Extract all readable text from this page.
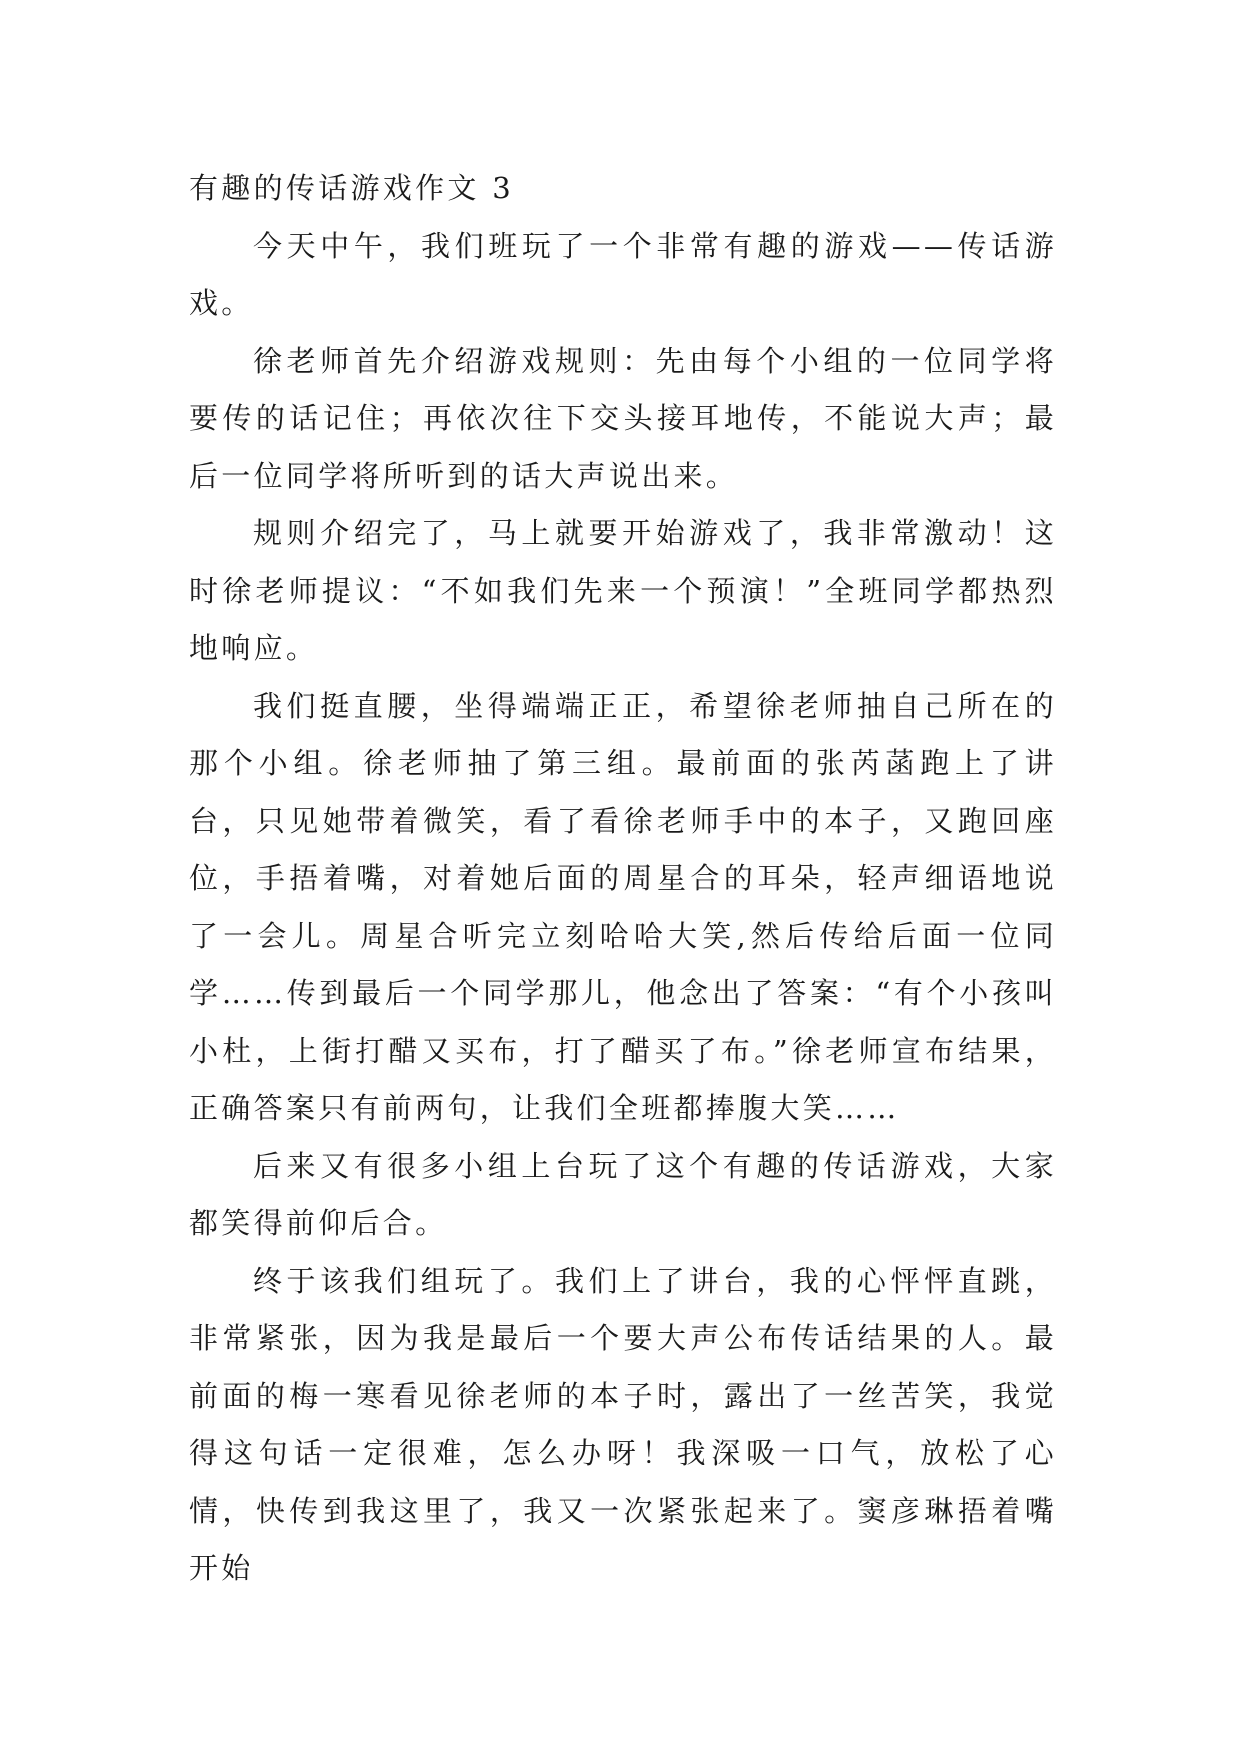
有趣的传话游戏作文 3

今天中午，我们班玩了一个非常有趣的游戏——传话游戏。

徐老师首先介绍游戏规则：先由每个小组的一位同学将要传的话记住；再依次往下交头接耳地传，不能说大声；最后一位同学将所听到的话大声说出来。

规则介绍完了，马上就要开始游戏了，我非常激动！这时徐老师提议：“不如我们先来一个预演！”全班同学都热烈地响应。

我们挺直腰，坐得端端正正，希望徐老师抽自己所在的那个小组。徐老师抽了第三组。最前面的张芮菡跑上了讲台，只见她带着微笑，看了看徐老师手中的本子，又跑回座位，手捂着嘴，对着她后面的周星合的耳朵，轻声细语地说了一会儿。周星合听完立刻哈哈大笑,然后传给后面一位同学……传到最后一个同学那儿，他念出了答案：“有个小孩叫小杜，上街打醋又买布，打了醋买了布。”徐老师宣布结果，正确答案只有前两句，让我们全班都捧腹大笑……

后来又有很多小组上台玩了这个有趣的传话游戏，大家都笑得前仰后合。

终于该我们组玩了。我们上了讲台，我的心怦怦直跳，非常紧张，因为我是最后一个要大声公布传话结果的人。最前面的梅一寒看见徐老师的本子时，露出了一丝苦笑，我觉得这句话一定很难，怎么办呀！我深吸一口气，放松了心情，快传到我这里了，我又一次紧张起来了。窦彦琳捂着嘴开始
